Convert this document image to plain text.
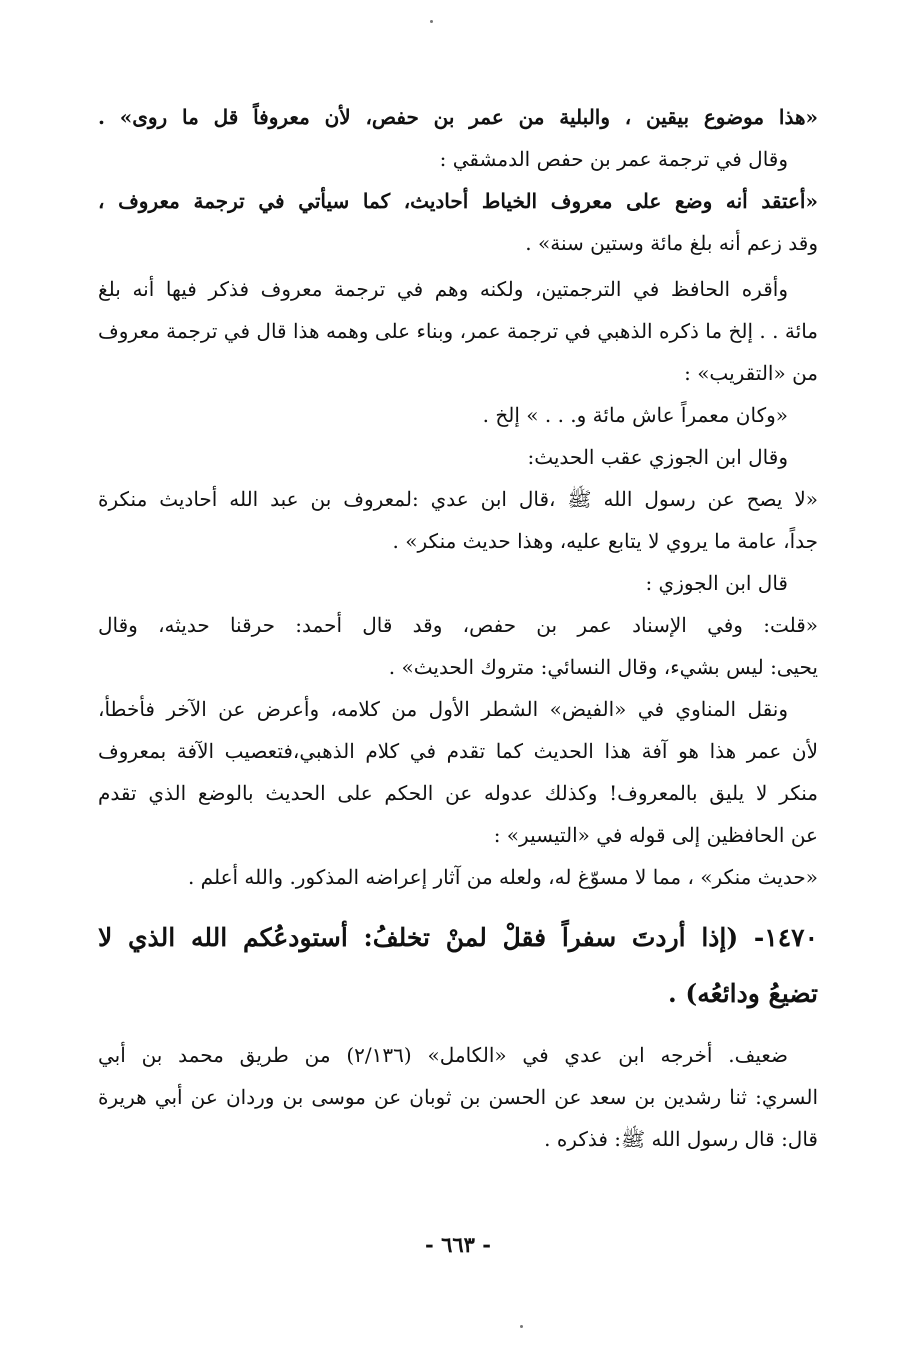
«هذا موضوع بيقين ، والبلية من عمر بن حفص، لأن معروفاً قل ما روى» .
وقال في ترجمة عمر بن حفص الدمشقي :
«أعتقد أنه وضع على معروف الخياط أحاديث، كما سيأتي في ترجمة معروف ،
وقد زعم أنه بلغ مائة وستين سنة» .
وأقره الحافظ في الترجمتين، ولكنه وهم في ترجمة معروف فذكر فيها أنه بلغ
مائة . . إلخ ما ذكره الذهبي في ترجمة عمر، وبناء على وهمه هذا قال في ترجمة معروف
من «التقريب» :
«وكان معمراً عاش مائة و. . . » إلخ .
وقال ابن الجوزي عقب الحديث:
«لا يصح عن رسول الله ﷺ ،قال ابن عدي :لمعروف بن عبد الله أحاديث منكرة
جداً، عامة ما يروي لا يتابع عليه، وهذا حديث منكر» .
قال ابن الجوزي :
«قلت: وفي الإسناد عمر بن حفص، وقد قال أحمد: حرقنا حديثه، وقال
يحيى: ليس بشيء، وقال النسائي: متروك الحديث» .
ونقل المناوي في «الفيض» الشطر الأول من كلامه، وأعرض عن الآخر فأخطأ،
لأن عمر هذا هو آفة هذا الحديث كما تقدم في كلام الذهبي،فتعصيب الآفة بمعروف
منكر لا يليق بالمعروف! وكذلك عدوله عن الحكم على الحديث بالوضع الذي تقدم
عن الحافظين إلى قوله في «التيسير» :
«حديث منكر» ، مما لا مسوّغ له، ولعله من آثار إعراضه المذكور. والله أعلم .
١٤٧٠- (إذا أردتَ سفراً فقلْ لمنْ تخلفُ: أستودعُكم الله الذي لا
تضيعُ ودائعُه) .
ضعيف. أخرجه ابن عدي في «الكامل» (٢/١٣٦) من طريق محمد بن أبي
السري: ثنا رشدين بن سعد عن الحسن بن ثوبان عن موسى بن وردان عن أبي هريرة
قال: قال رسول الله ﷺ: فذكره .
- ٦٦٣ -
